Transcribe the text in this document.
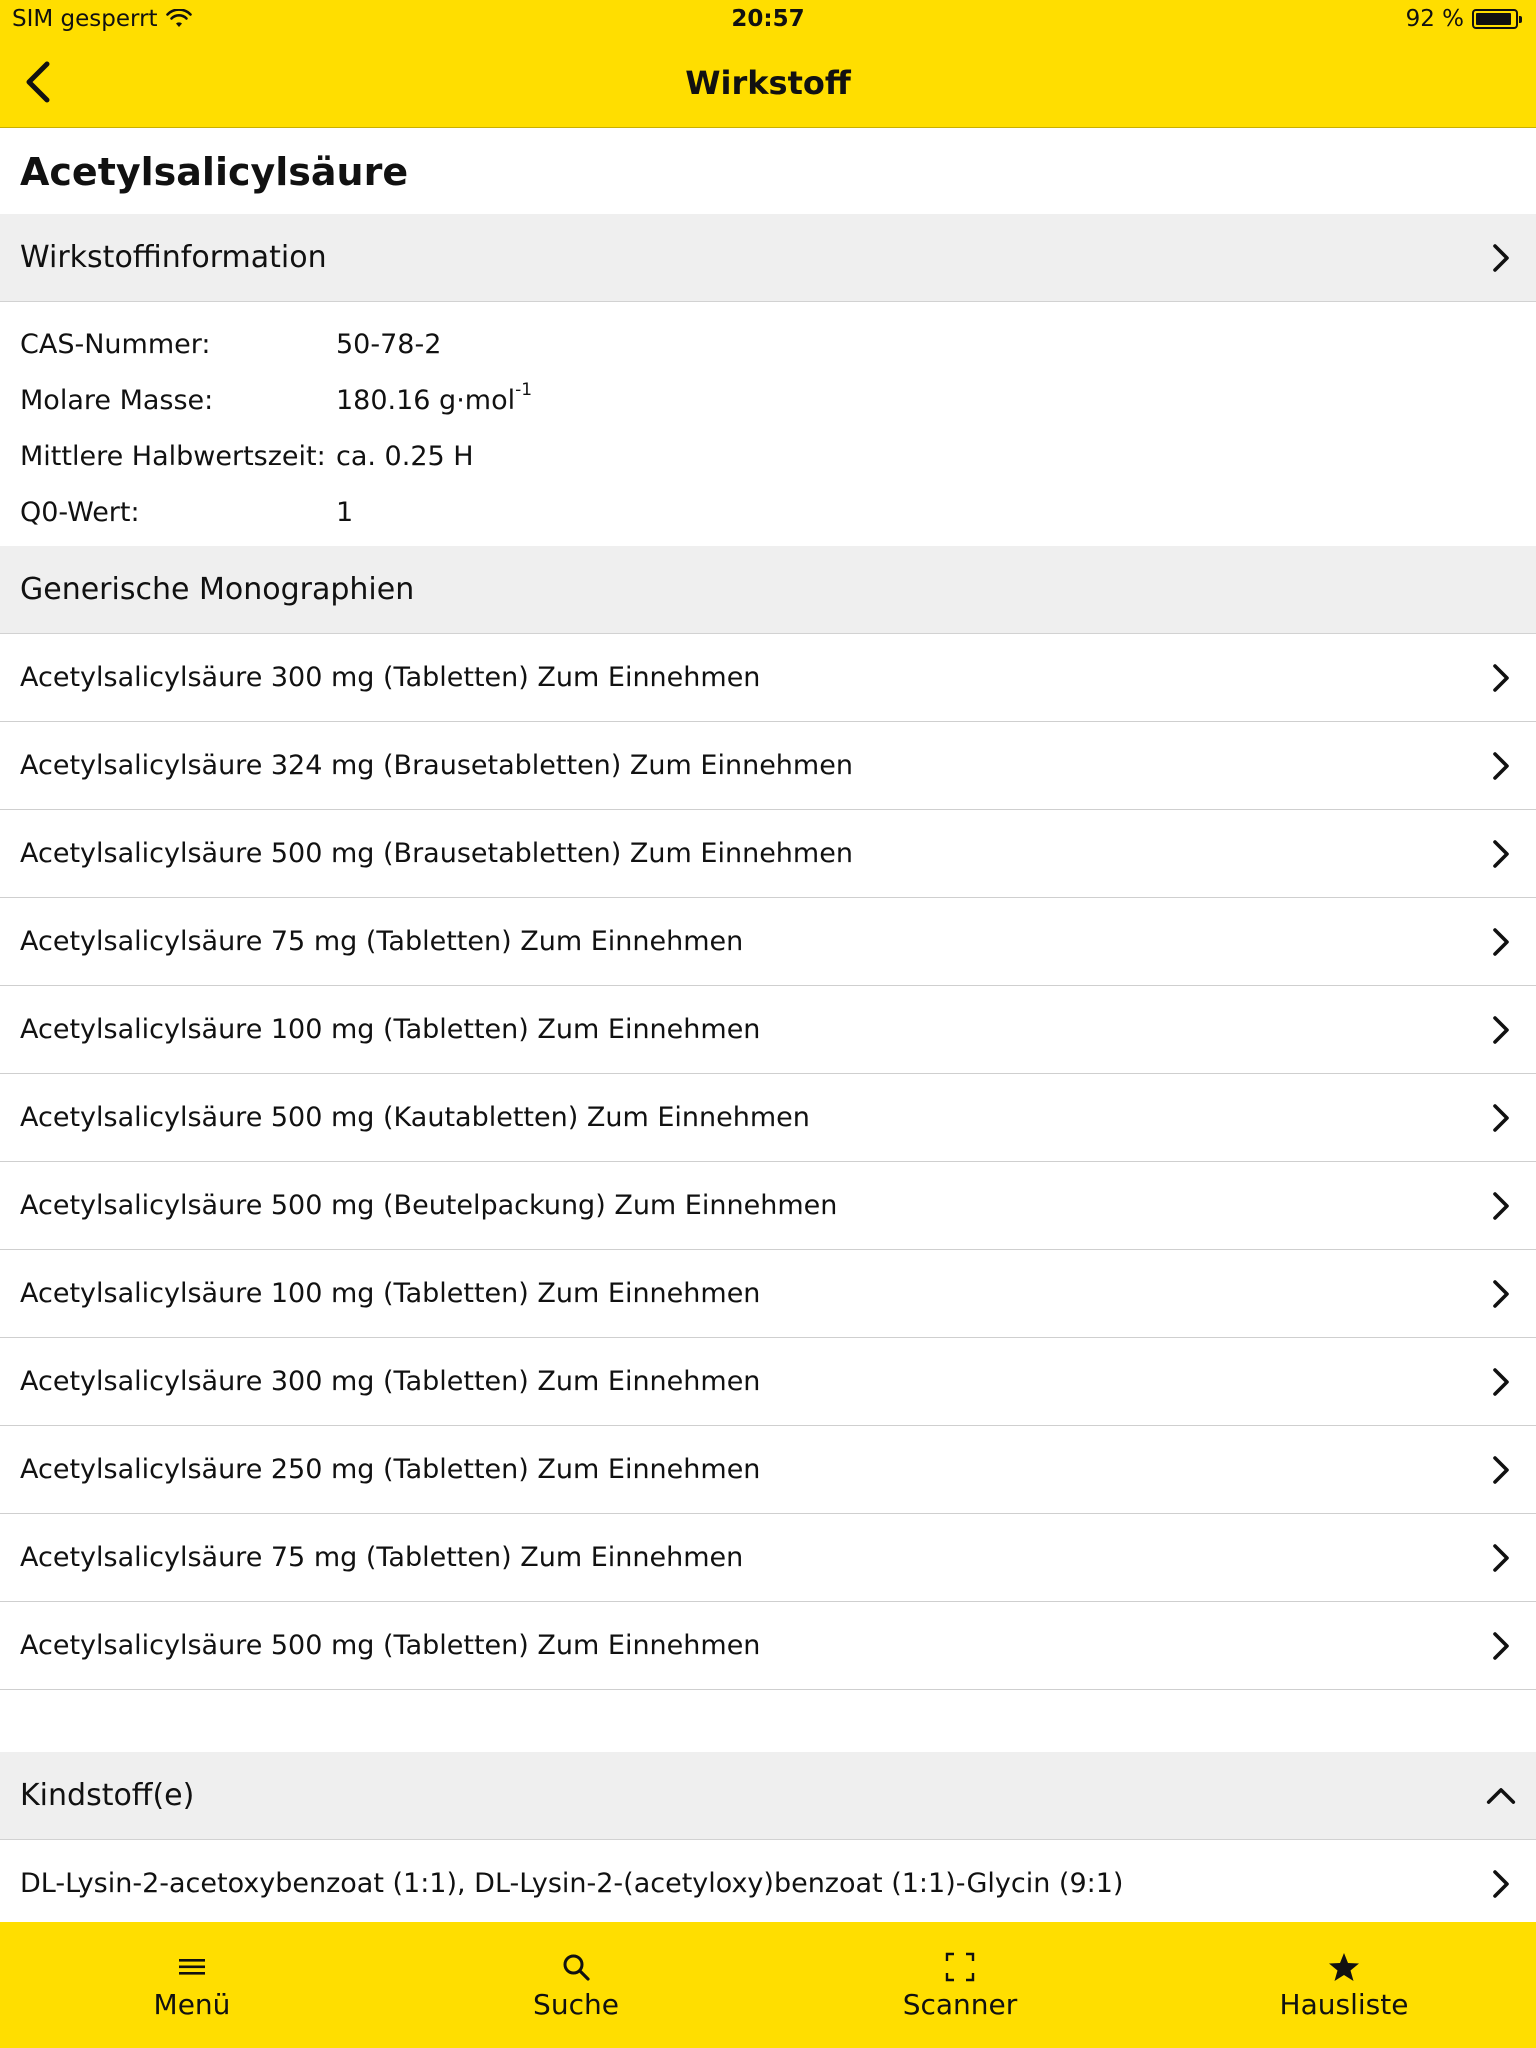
SIM gesperrt	20:57	92 %
Wirkstoff
Acetylsalicylsäure
Wirkstoffinformation
CAS-Nummer:	50-78-2
Molare Masse:	180.16 g·mol$^{-1}$
Mittlere Halbwertszeit: ca. 0.25 H
Q0-Wert:	1
Generische Monographien
Acetylsalicylsäure 300 mg (Tabletten) Zum Einnehmen
Acetylsalicylsäure 324 mg (Brausetabletten) Zum Einnehmen
Acetylsalicylsäure 500 mg (Brausetabletten) Zum Einnehmen
Acetylsalicylsäure 75 mg (Tabletten) Zum Einnehmen
Acetylsalicylsäure 100 mg (Tabletten) Zum Einnehmen
Acetylsalicylsäure 500 mg (Kautabletten) Zum Einnehmen
Acetylsalicylsäure 500 mg (Beutelpackung) Zum Einnehmen
Acetylsalicylsäure 100 mg (Tabletten) Zum Einnehmen
Acetylsalicylsäure 300 mg (Tabletten) Zum Einnehmen
Acetylsalicylsäure 250 mg (Tabletten) Zum Einnehmen
Acetylsalicylsäure 75 mg (Tabletten) Zum Einnehmen
Acetylsalicylsäure 500 mg (Tabletten) Zum Einnehmen
Kindstoff(e)
DL-Lysin-2-acetoxybenzoat (1:1), DL-Lysin-2-(acetyloxy)benzoat (1:1)-Glycin (9:1)
Menü	Suche	Scanner	Hausliste
